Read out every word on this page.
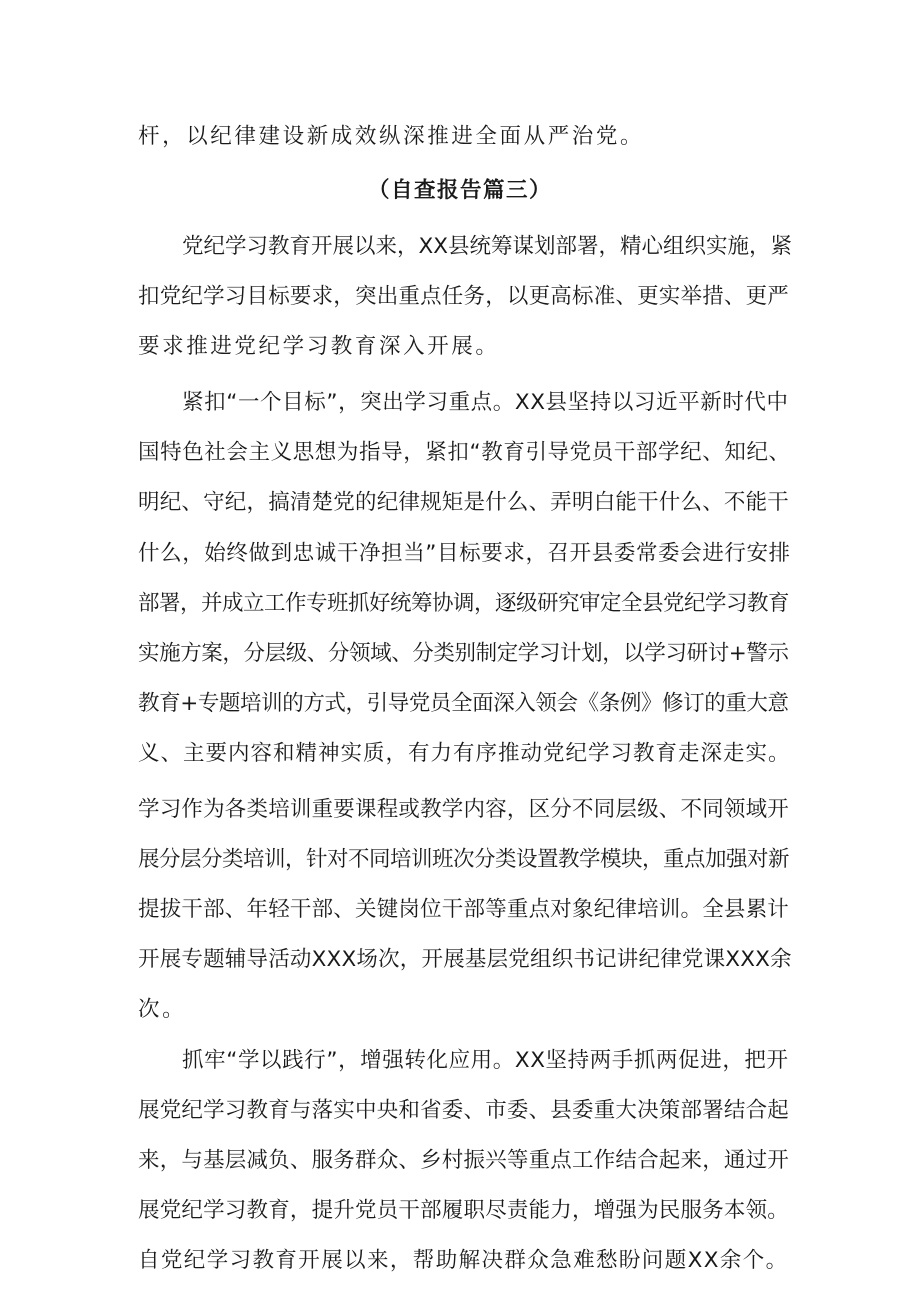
杆，以纪律建设新成效纵深推进全面从严治党。
（自查报告篇三）
党纪学习教育开展以来，XX县统筹谋划部署，精心组织实施，紧
扣党纪学习目标要求，突出重点任务，以更高标准、更实举措、更严
要求推进党纪学习教育深入开展。
紧扣“一个目标”，突出学习重点。XX县坚持以习近平新时代中
国特色社会主义思想为指导，紧扣“教育引导党员干部学纪、知纪、
明纪、守纪，搞清楚党的纪律规矩是什么、弄明白能干什么、不能干
什么，始终做到忠诚干净担当”目标要求，召开县委常委会进行安排
部署，并成立工作专班抓好统筹协调，逐级研究审定全县党纪学习教育
实施方案，分层级、分领域、分类别制定学习计划，以学习研讨+警示
教育+专题培训的方式，引导党员全面深入领会《条例》修订的重大意
义、主要内容和精神实质，有力有序推动党纪学习教育走深走实。
学习作为各类培训重要课程或教学内容，区分不同层级、不同领域开
展分层分类培训，针对不同培训班次分类设置教学模块，重点加强对新
提拔干部、年轻干部、关键岗位干部等重点对象纪律培训。全县累计
开展专题辅导活动XXX场次，开展基层党组织书记讲纪律党课XXX余
次。
抓牢“学以践行”，增强转化应用。XX坚持两手抓两促进，把开
展党纪学习教育与落实中央和省委、市委、县委重大决策部署结合起
来，与基层减负、服务群众、乡村振兴等重点工作结合起来，通过开
展党纪学习教育，提升党员干部履职尽责能力，增强为民服务本领。
自党纪学习教育开展以来，帮助解决群众急难愁盼问题XX余个。
